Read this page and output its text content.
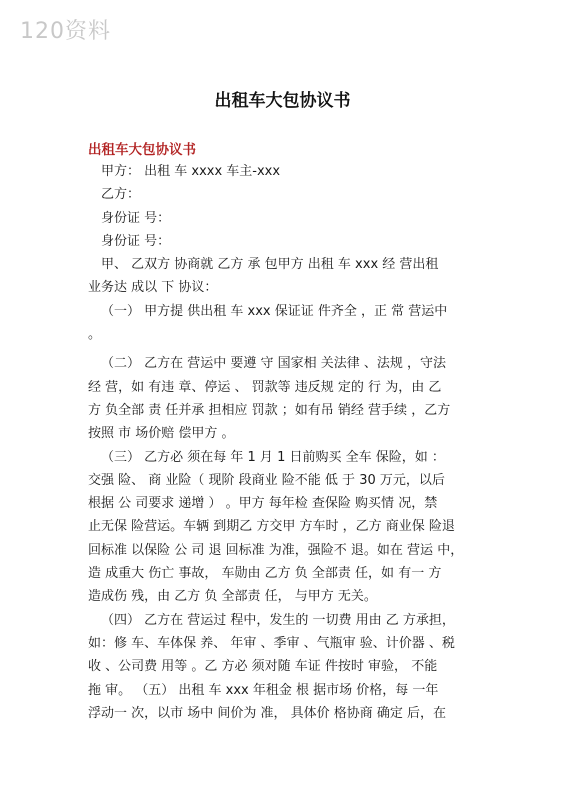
120资料
出租车大包协议书
出租车大包协议书
甲方： 出租 车 xxxx 车主-xxx
乙方：
身份证 号：
身份证 号：
甲、 乙双方 协商就 乙方 承 包甲方 出租 车 xxx 经 营出租
业务达 成以 下 协议：
（一） 甲方提 供出租 车 xxx 保证证 件齐全 ，正 常 营运中
。
（二） 乙方在 营运中 要遵 守 国家相 关法律 、法规 ，守法
经 营，如 有违 章、停运 、 罚款等 违反规 定的 行 为，由 乙
方 负全部 责 任并承 担相应 罚款 ；如有吊 销经 营手续 ，乙方
按照 市 场价赔 偿甲方 。
（三） 乙方必 须在每 年 1 月 1 日前购买 全车 保险，如 ：
交强 险、 商 业险（ 现阶 段商业 险不能 低 于 30 万元，以后
根据 公 司要求 递增 ） 。甲方 每年检 查保险 购买情 况，禁
止无保 险营运。车辆 到期乙 方交甲 方车时 ，乙方 商业保 险退
回标准 以保险 公 司 退 回标准 为准，强险不 退。如在 营运 中，
造 成重大 伤亡 事故， 车勋由 乙方 负 全部责 任，如 有一 方
造成伤 残，由 乙方 负 全部责 任， 与甲方 无关。
（四） 乙方在 营运过 程中，发生的 一切费 用由 乙 方承担，
如：修 车、车体保 养、 年审 、季审 、气瓶审 验、计价器 、税
收 、公司费 用等 。乙 方必 须对随 车证 件按时 审验， 不能
拖 审。 （五） 出租 车 xxx 年租金 根 据市场 价格，每 一年
浮动一 次，以市 场中 间价为 准， 具体价 格协商 确定 后，在
